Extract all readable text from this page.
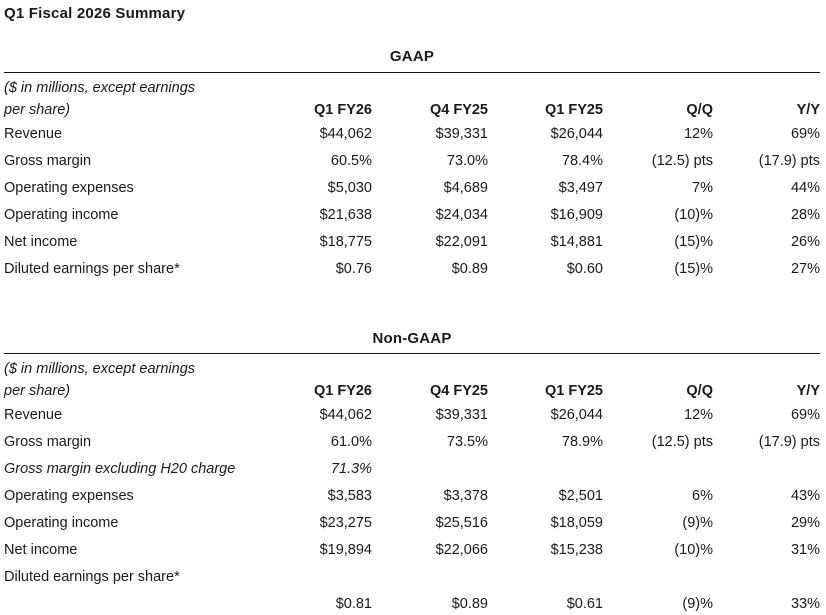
Q1 Fiscal 2026 Summary
GAAP
($ in millions, except earnings
per share)	Q1 FY26	Q4 FY25	Q1 FY25	Q/Q	Y/Y
Revenue	$44,062	$39,331	$26,044	12%	69%
Gross margin	60.5%	73.0%	78.4%	(12.5) pts	(17.9) pts
Operating expenses	$5,030	$4,689	$3,497	7%	44%
Operating income	$21,638	$24,034	$16,909	(10)%	28%
Net income	$18,775	$22,091	$14,881	(15)%	26%
Diluted earnings per share*	$0.76	$0.89	$0.60	(15)%	27%
Non-GAAP
($ in millions, except earnings
per share)	Q1 FY26	Q4 FY25	Q1 FY25	Q/Q	Y/Y
Revenue	$44,062	$39,331	$26,044	12%	69%
Gross margin	61.0%	73.5%	78.9%	(12.5) pts	(17.9) pts
Gross margin excluding H20 charge	71.3%				
Operating expenses	$3,583	$3,378	$2,501	6%	43%
Operating income	$23,275	$25,516	$18,059	(9)%	29%
Net income	$19,894	$22,066	$15,238	(10)%	31%
Diluted earnings per share*					
	$0.81	$0.89	$0.61	(9)%	33%
